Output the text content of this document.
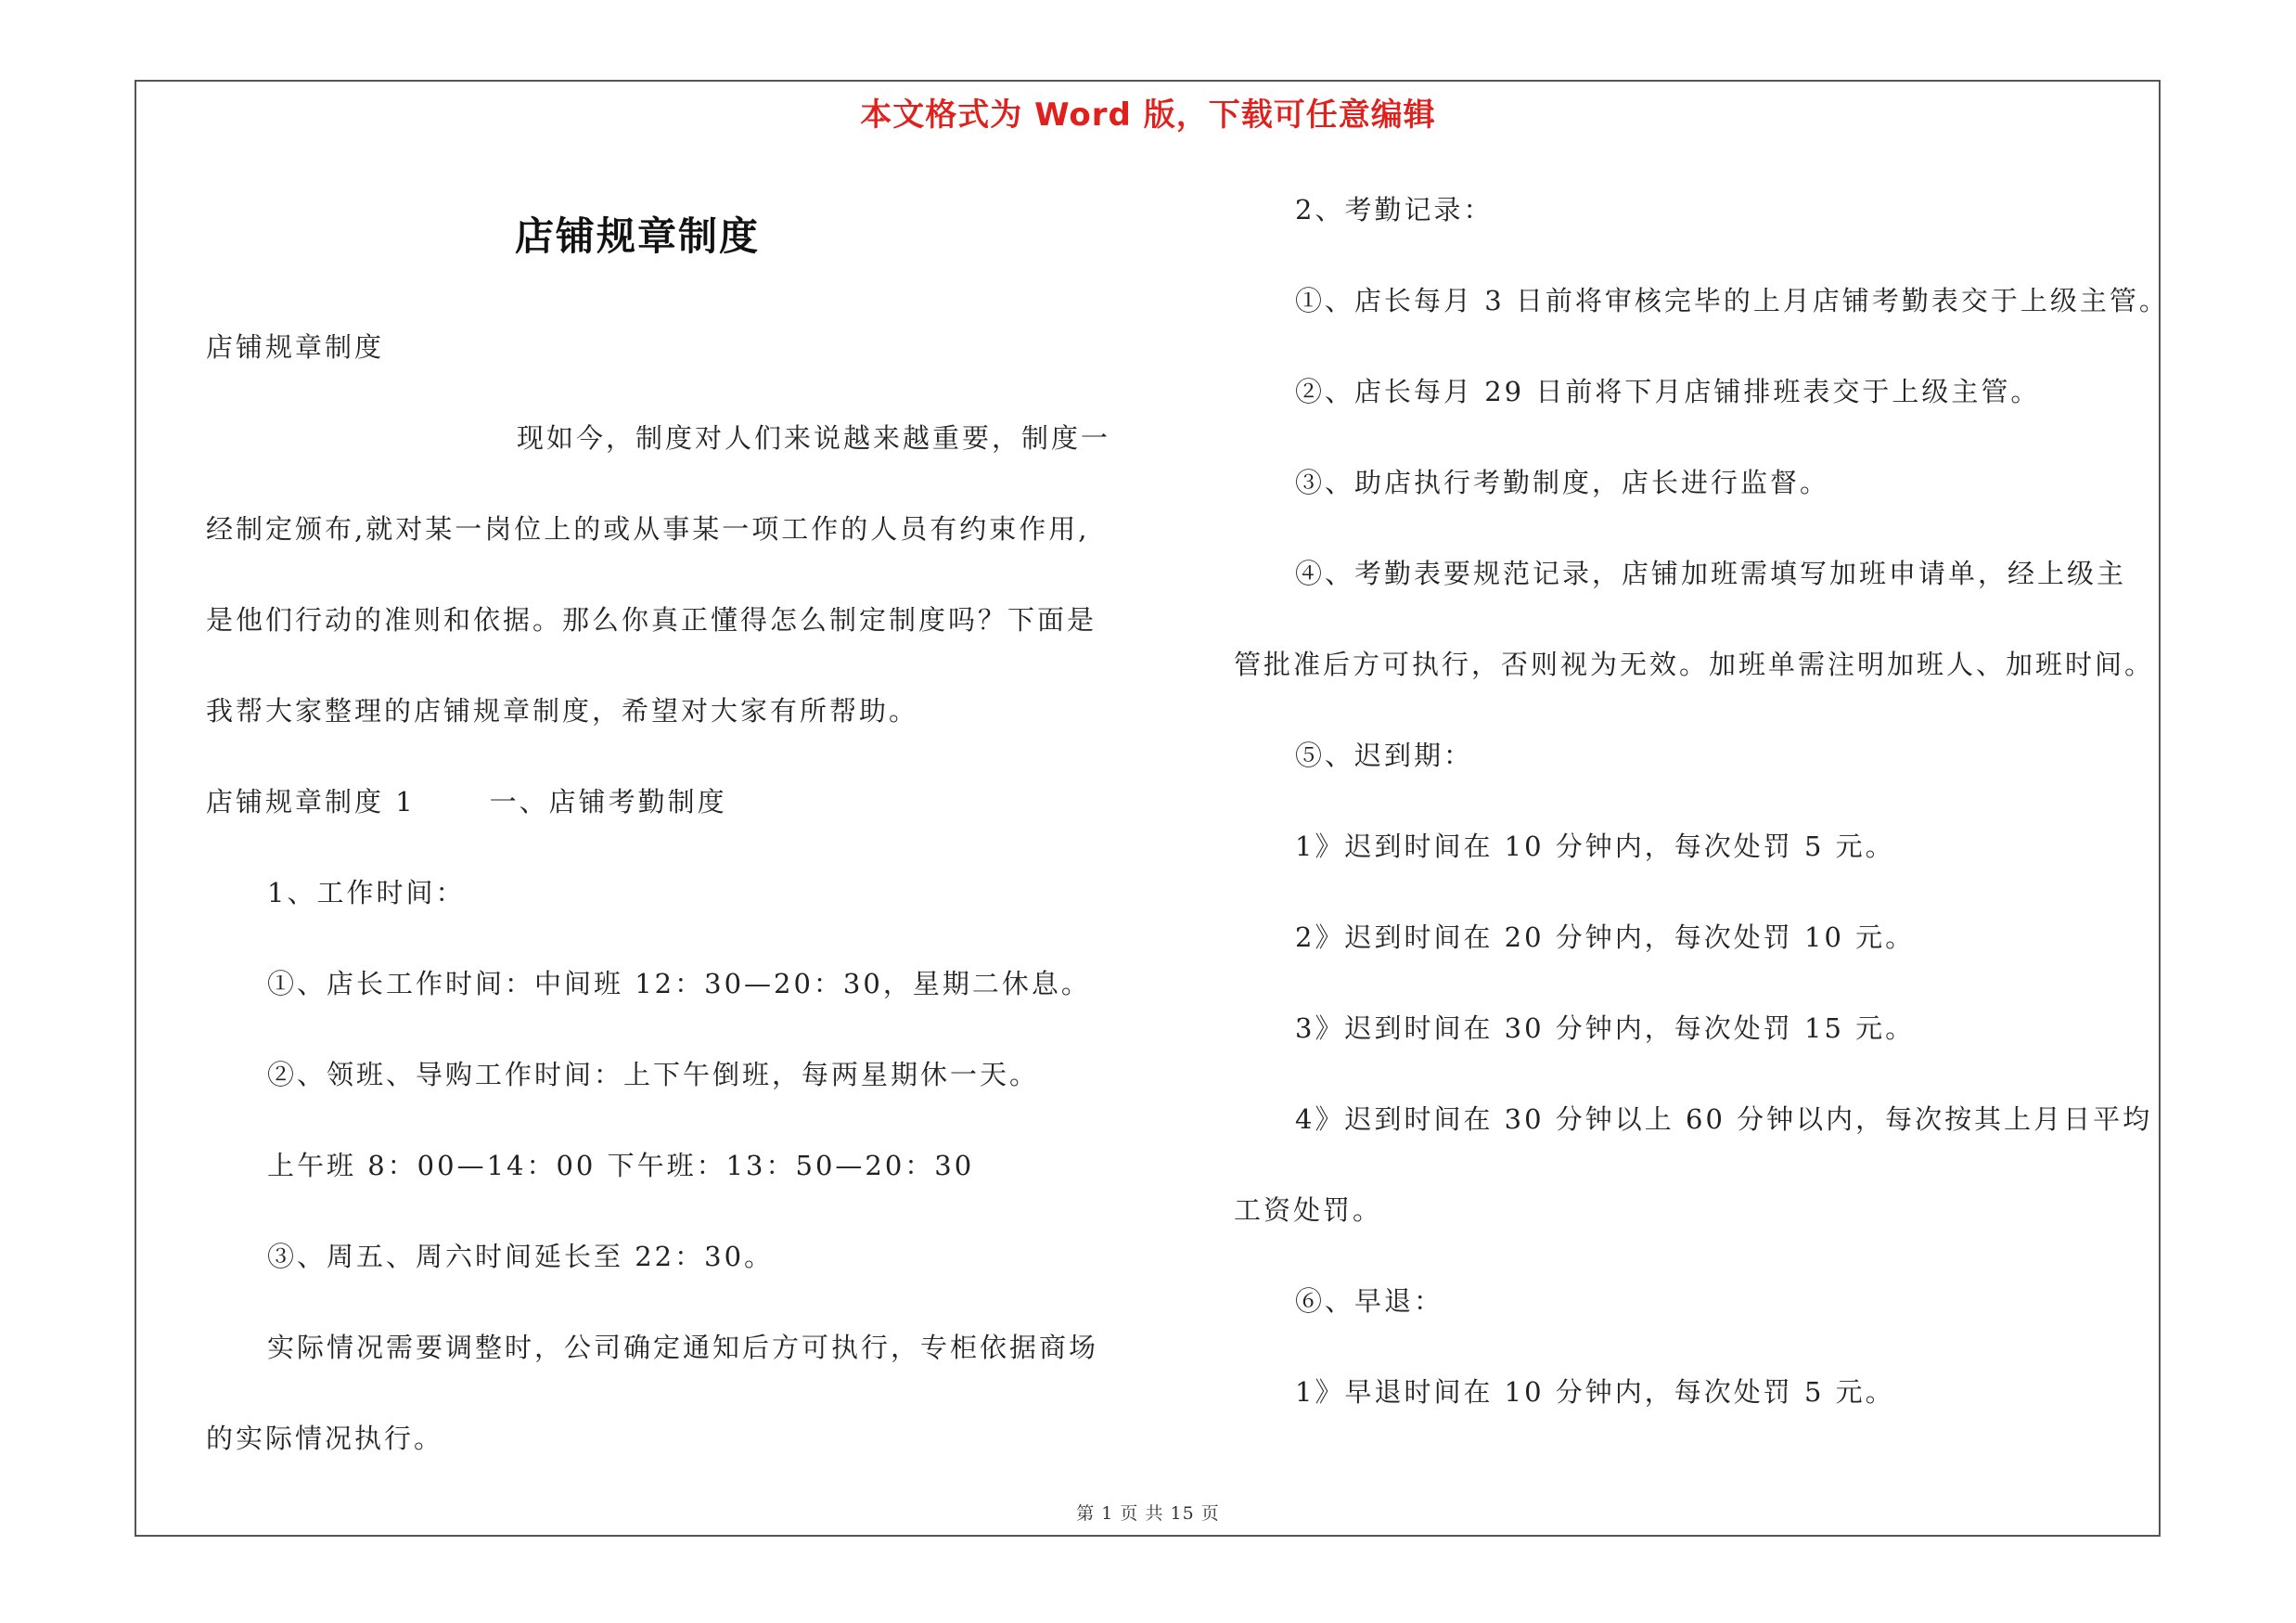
本文格式为 Word 版，下载可任意编辑
店铺规章制度

店铺规章制度

现如今，制度对人们来说越来越重要，制度一

经制定颁布,就对某一岗位上的或从事某一项工作的人员有约束作用,

是他们行动的准则和依据。那么你真正懂得怎么制定制度吗？下面是

我帮大家整理的店铺规章制度，希望对大家有所帮助。

店铺规章制度 1	一、店铺考勤制度

1、工作时间：

①、店长工作时间：中间班 12：30—20：30，星期二休息。

②、领班、导购工作时间：上下午倒班，每两星期休一天。

上午班 8：00—14：00 下午班：13：50—20：30

③、周五、周六时间延长至 22：30。

实际情况需要调整时，公司确定通知后方可执行，专柜依据商场

的实际情况执行。

2、考勤记录：

①、店长每月 3 日前将审核完毕的上月店铺考勤表交于上级主管。

②、店长每月 29 日前将下月店铺排班表交于上级主管。

③、助店执行考勤制度，店长进行监督。

④、考勤表要规范记录，店铺加班需填写加班申请单，经上级主

管批准后方可执行，否则视为无效。加班单需注明加班人、加班时间。

⑤、迟到期：

1》迟到时间在 10 分钟内，每次处罚 5 元。

2》迟到时间在 20 分钟内，每次处罚 10 元。

3》迟到时间在 30 分钟内，每次处罚 15 元。

4》迟到时间在 30 分钟以上 60 分钟以内，每次按其上月日平均

工资处罚。

⑥、早退：

1》早退时间在 10 分钟内，每次处罚 5 元。

第 1 页 共 15 页
